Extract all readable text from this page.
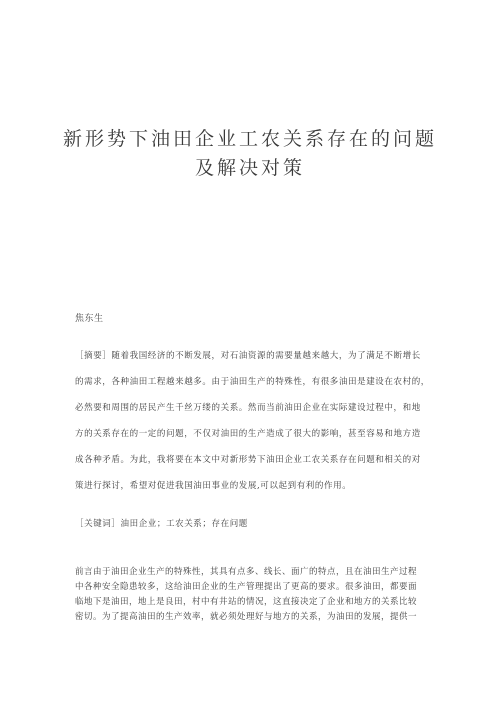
新形势下油田企业工农关系存在的问题
及解决对策
焦东生
［摘要］随着我国经济的不断发展，对石油资源的需要量越来越大，为了满足不断增长
的需求，各种油田工程越来越多。由于油田生产的特殊性，有很多油田是建设在农村的，
必然要和周围的居民产生千丝万缕的关系。然而当前油田企业在实际建设过程中，和地
方的关系存在的一定的问题，不仅对油田的生产造成了很大的影响，甚至容易和地方造
成各种矛盾。为此，我将要在本文中对新形势下油田企业工农关系存在问题和相关的对
策进行探讨，希望对促进我国油田事业的发展,可以起到有利的作用。
［关键词］油田企业；工农关系；存在问题
前言由于油田企业生产的特殊性，其具有点多、线长、面广的特点，且在油田生产过程
中各种安全隐患较多，这给油田企业的生产管理提出了更高的要求。很多油田，都要面
临地下是油田，地上是良田，村中有井站的情况，这直接决定了企业和地方的关系比较
密切。为了提高油田的生产效率，就必须处理好与地方的关系，为油田的发展，提供一
